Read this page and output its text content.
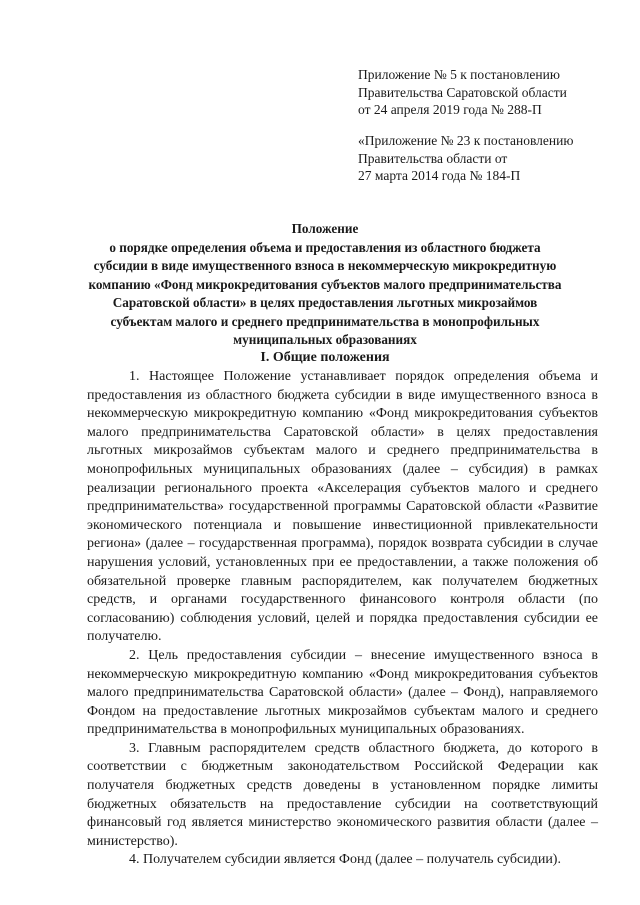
Приложение № 5 к постановлению
Правительства Саратовской области
от 24 апреля 2019 года № 288-П
«Приложение № 23 к постановлению
Правительства области от
27 марта 2014 года № 184-П
Положение
о порядке определения объема и предоставления из областного бюджета
субсидии в виде имущественного взноса в некоммерческую микрокредитную
компанию «Фонд микрокредитования субъектов малого предпринимательства
Саратовской области» в целях предоставления льготных микрозаймов
субъектам малого и среднего предпринимательства в монопрофильных
муниципальных образованиях
I. Общие положения

1. Настоящее Положение устанавливает порядок определения объема и предоставления из областного бюджета субсидии в виде имущественного взноса в некоммерческую микрокредитную компанию «Фонд микрокредитования субъектов малого предпринимательства Саратовской области» в целях предоставления льготных микрозаймов субъектам малого и среднего предпринимательства в монопрофильных муниципальных образованиях (далее – субсидия) в рамках реализации регионального проекта «Акселерация субъектов малого и среднего предпринимательства» государственной программы Саратовской области «Развитие экономического потенциала и повышение инвестиционной привлекательности региона» (далее – государственная программа), порядок возврата субсидии в случае нарушения условий, установленных при ее предоставлении, а также положения об обязательной проверке главным распорядителем, как получателем бюджетных средств, и органами государственного финансового контроля области (по согласованию) соблюдения условий, целей и порядка предоставления субсидии ее получателю.

2. Цель предоставления субсидии – внесение имущественного взноса в некоммерческую микрокредитную компанию «Фонд микрокредитования субъектов малого предпринимательства Саратовской области» (далее – Фонд), направляемого Фондом на предоставление льготных микрозаймов субъектам малого и среднего предпринимательства в монопрофильных муниципальных образованиях.

3. Главным распорядителем средств областного бюджета, до которого в соответствии с бюджетным законодательством Российской Федерации как получателя бюджетных средств доведены в установленном порядке лимиты бюджетных обязательств на предоставление субсидии на соответствующий финансовый год является министерство экономического развития области (далее – министерство).

4. Получателем субсидии является Фонд (далее – получатель субсидии).
